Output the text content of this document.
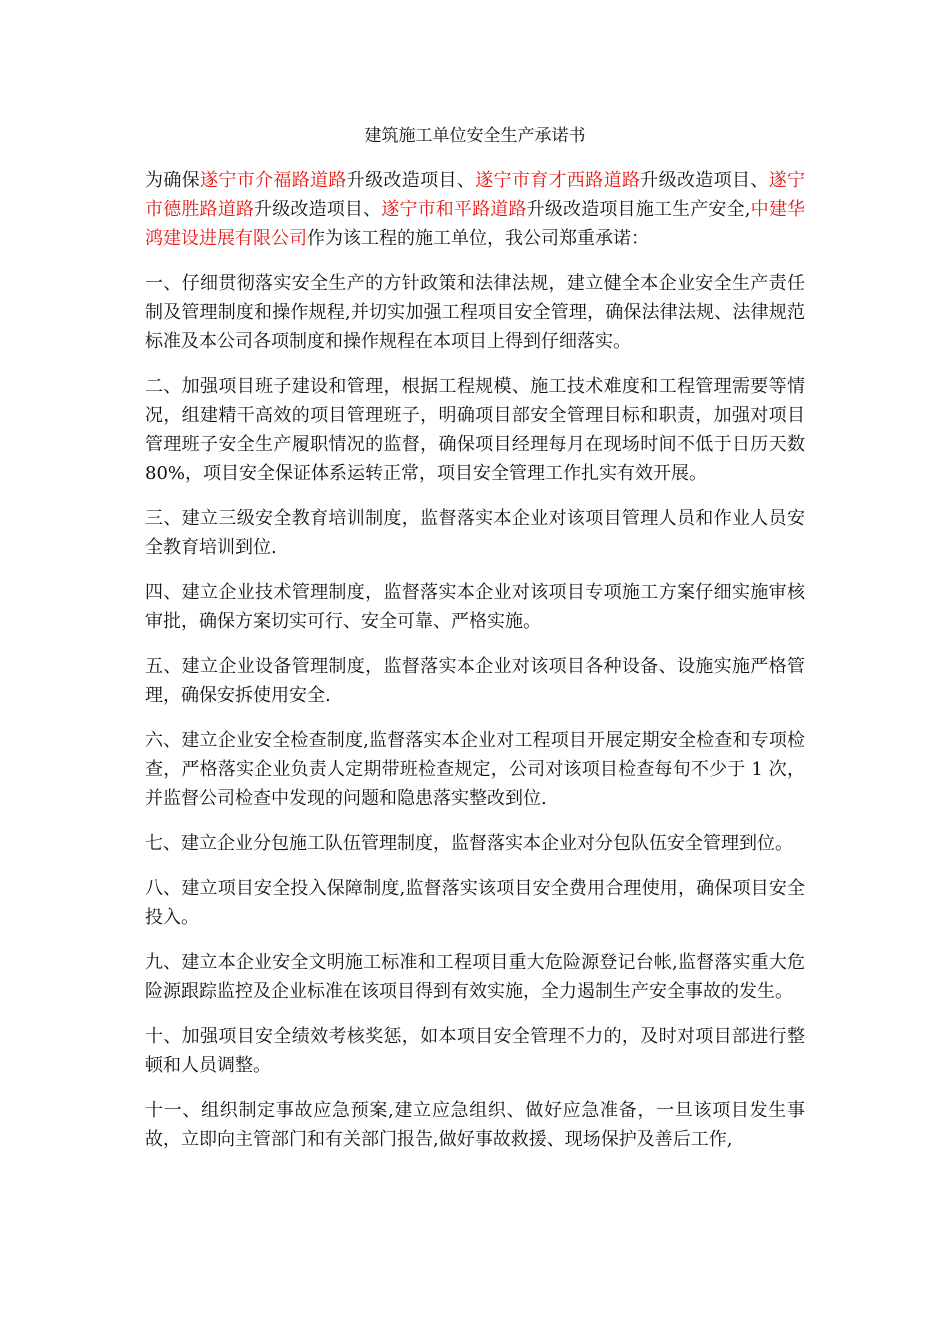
建筑施工单位安全生产承诺书

为确保遂宁市介福路道路升级改造项目、遂宁市育才西路道路升级改造项目、遂宁市德胜路道路升级改造项目、遂宁市和平路道路升级改造项目施工生产安全,中建华鸿建设进展有限公司作为该工程的施工单位，我公司郑重承诺：

一、仔细贯彻落实安全生产的方针政策和法律法规，建立健全本企业安全生产责任制及管理制度和操作规程,并切实加强工程项目安全管理，确保法律法规、法律规范标准及本公司各项制度和操作规程在本项目上得到仔细落实。

二、加强项目班子建设和管理，根据工程规模、施工技术难度和工程管理需要等情况，组建精干高效的项目管理班子，明确项目部安全管理目标和职责，加强对项目管理班子安全生产履职情况的监督，确保项目经理每月在现场时间不低于日历天数 80%，项目安全保证体系运转正常，项目安全管理工作扎实有效开展。

三、建立三级安全教育培训制度，监督落实本企业对该项目管理人员和作业人员安全教育培训到位.

四、建立企业技术管理制度，监督落实本企业对该项目专项施工方案仔细实施审核审批，确保方案切实可行、安全可靠、严格实施。

五、建立企业设备管理制度，监督落实本企业对该项目各种设备、设施实施严格管理，确保安拆使用安全.

六、建立企业安全检查制度,监督落实本企业对工程项目开展定期安全检查和专项检查，严格落实企业负责人定期带班检查规定，公司对该项目检查每旬不少于 1 次，并监督公司检查中发现的问题和隐患落实整改到位.

七、建立企业分包施工队伍管理制度，监督落实本企业对分包队伍安全管理到位。

八、建立项目安全投入保障制度,监督落实该项目安全费用合理使用，确保项目安全投入。

九、建立本企业安全文明施工标准和工程项目重大危险源登记台帐,监督落实重大危险源跟踪监控及企业标准在该项目得到有效实施，全力遏制生产安全事故的发生。

十、加强项目安全绩效考核奖惩，如本项目安全管理不力的，及时对项目部进行整顿和人员调整。

十一、组织制定事故应急预案,建立应急组织、做好应急准备，一旦该项目发生事故，立即向主管部门和有关部门报告,做好事故救援、现场保护及善后工作,
